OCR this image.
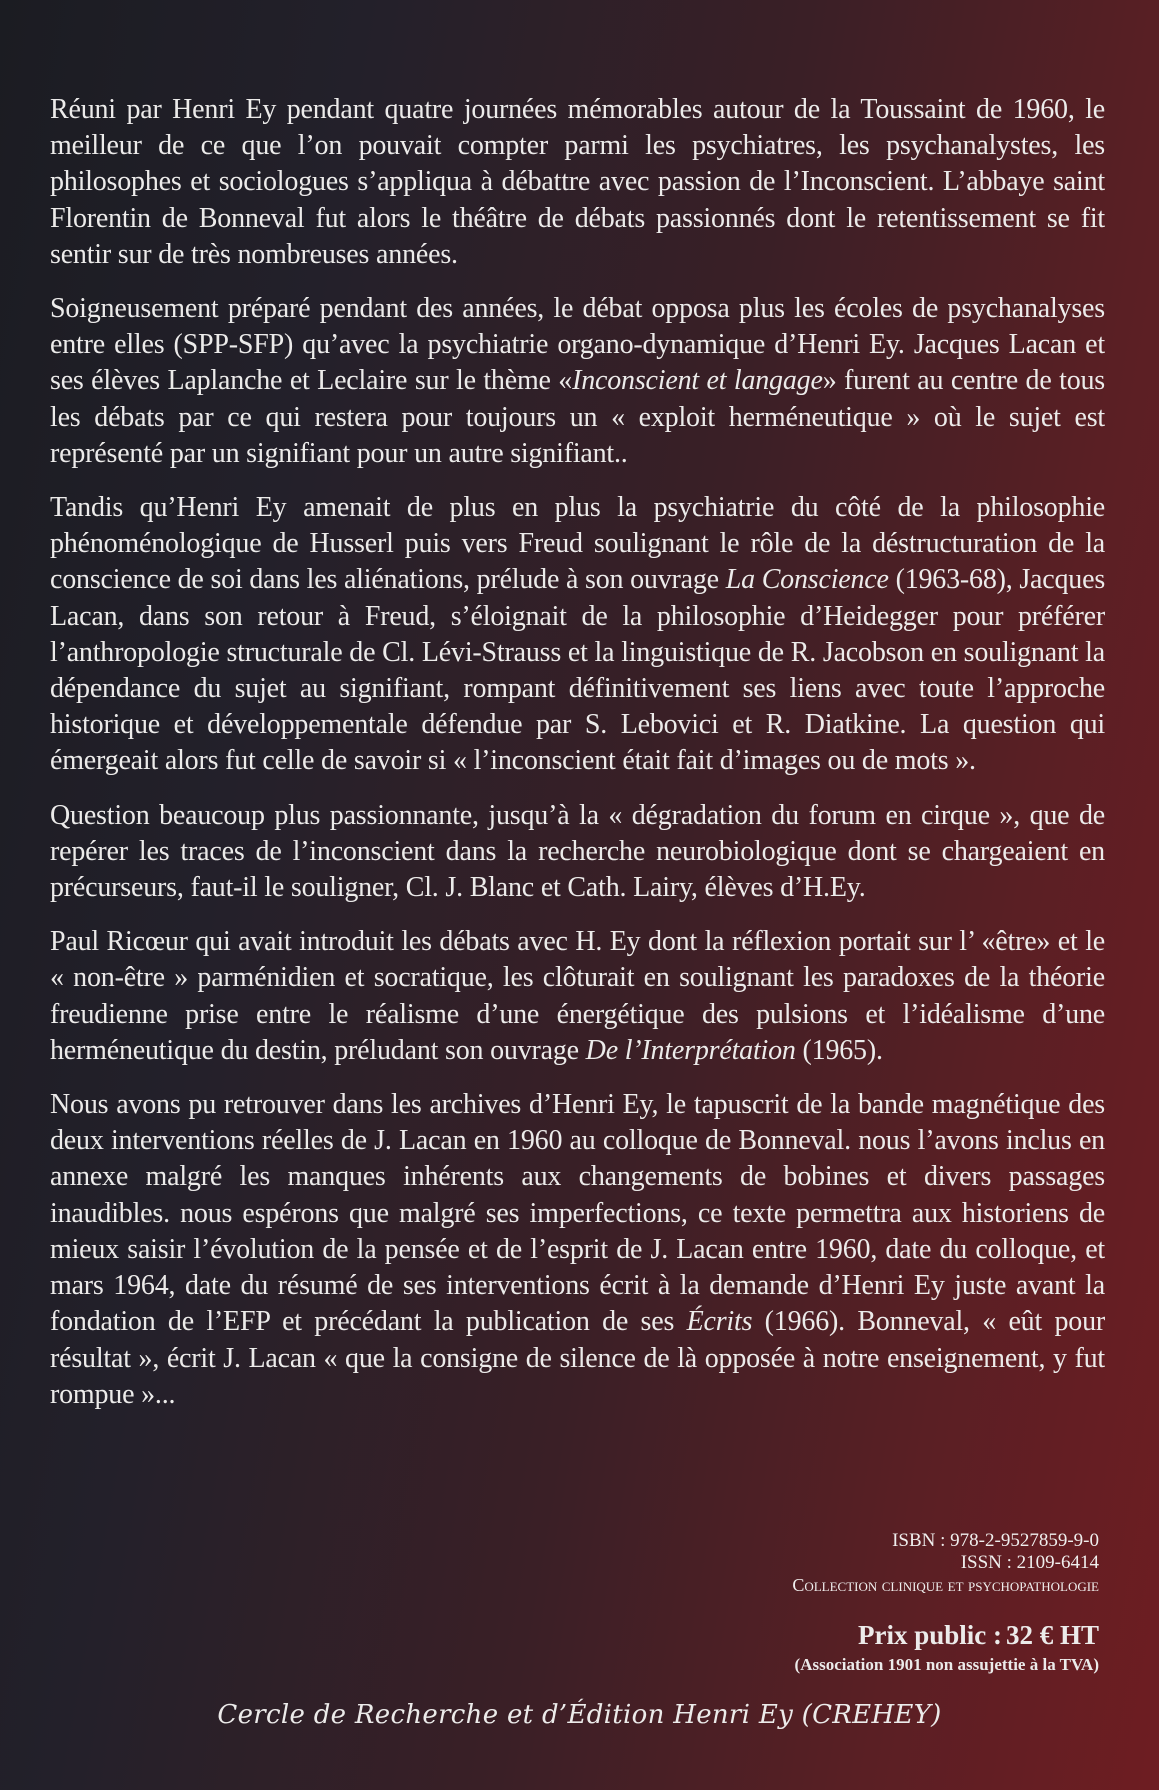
Réuni par Henri Ey pendant quatre journées mémorables autour de la Toussaint de 1960, le meilleur de ce que l’on pouvait compter parmi les psychiatres, les psychanalystes, les philosophes et sociologues s’appliqua à débattre avec passion de l’Inconscient. L’abbaye saint Florentin de Bonneval fut alors le théâtre de débats passionnés dont le retentissement se fit sentir sur de très nombreuses années.

Soigneusement préparé pendant des années, le débat opposa plus les écoles de psychanalyses entre elles (SPP-SFP) qu’avec la psychiatrie organo-dynamique d’Henri Ey. Jacques Lacan et ses élèves Laplanche et Leclaire sur le thème «Inconscient et langage» furent au centre de tous les débats par ce qui restera pour toujours un « exploit herméneutique » où le sujet est représenté par un signifiant pour un autre signifiant..

Tandis qu’Henri Ey amenait de plus en plus la psychiatrie du côté de la philosophie phénoménologique de Husserl puis vers Freud soulignant le rôle de la déstructuration de la conscience de soi dans les aliénations, prélude à son ouvrage La Conscience (1963-68), Jacques Lacan, dans son retour à Freud, s’éloignait de la philosophie d’Heidegger pour préférer l’anthropologie structurale de Cl. Lévi-Strauss et la linguistique de R. Jacobson en soulignant la dépendance du sujet au signifiant, rompant définitivement ses liens avec toute l’approche historique et développementale défendue par S. Lebovici et R. Diatkine. La question qui émergeait alors fut celle de savoir si « l’inconscient était fait d’images ou de mots ».

Question beaucoup plus passionnante, jusqu’à la « dégradation du forum en cirque », que de repérer les traces de l’inconscient dans la recherche neurobiologique dont se chargeaient en précurseurs, faut-il le souligner, Cl. J. Blanc et Cath. Lairy, élèves d’H.Ey.

Paul Ricœur qui avait introduit les débats avec H. Ey dont la réflexion portait sur l’ «être» et le « non-être » parménidien et socratique, les clôturait en soulignant les paradoxes de la théorie freudienne prise entre le réalisme d’une énergétique des pulsions et l’idéalisme d’une herméneutique du destin, préludant son ouvrage De l’Interprétation (1965).

Nous avons pu retrouver dans les archives d’Henri Ey, le tapuscrit de la bande magnétique des deux interventions réelles de J. Lacan en 1960 au colloque de Bonneval. nous l’avons inclus en annexe malgré les manques inhérents aux changements de bobines et divers passages inaudibles. nous espérons que malgré ses imperfections, ce texte permettra aux historiens de mieux saisir l’évolution de la pensée et de l’esprit de J. Lacan entre 1960, date du colloque, et mars 1964, date du résumé de ses interventions écrit à la demande d’Henri Ey juste avant la fondation de l’EFP et précédant la publication de ses Écrits (1966). Bonneval, « eût pour résultat », écrit J. Lacan « que la consigne de silence de là opposée à notre enseignement, y fut rompue »...

ISBN : 978-2-9527859-9-0
ISSN : 2109-6414
Collection clinique et psychopathologie
Prix public : 32 € HT
(Association 1901 non assujettie à la TVA)
Cercle de Recherche et d’Édition Henri Ey (CREHEY)
